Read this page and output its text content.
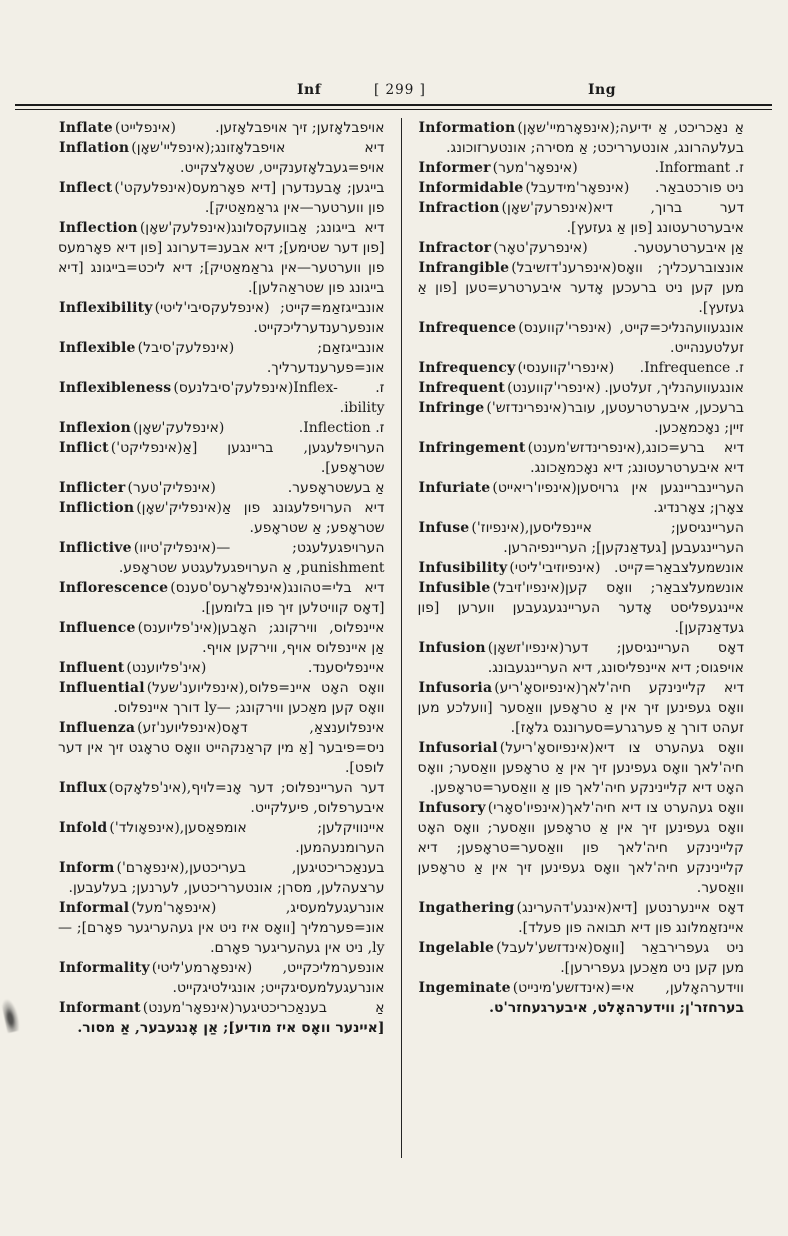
Inf	[ 299 ]	Ing

Inflate (אינפלייט)	אויפבלאָזען; זיך אויפבלאָזען.

Inflation (אינפליי'שאָן) דיא אויפבלאָזונג; אויפ=געבלאָזענקייט, שטאָלצקייט.

Inflect (אינפלעקט') בייגען; אָבענדערן [דיא פאָרמעס פון ווערטער—אין גראַמאַטיק].

Inflection (אינפלעק'שאָן) דיא בייגונג; אַבוועקסלונג [פון דער שטימע]; דיא אבענ=דערונג [פון דיא פאָרמעס פון ווערטער—אין גראַמאַטיק]; דיא ליכט=בייגונג [דיא בייגונג פון שטראַהלען].

Inflexibility (אינפלעקסיבי'ליטי) אונבייגזאַמ=קייט; אונפערענדערליכקייט.

Inflexible (אינפלעק'סיבל)	אונבייגזאַם; אונ=פערענדערליך.

Inflexibleness (אינפלעק'סיבלנעס) ז. Inflex-ibility.

Inflexion (אינפלעק'שאָן)	ז. Inflection.

Inflict (אינפליקט') הערויפלעגען, בריינגען [אַ שטראָפע].

Inflicter (אינפליק'טער)	אַ בעשטראָפער.

Infliction (אינפליק'שאָן) דיא הערויפלעגונג פון אַ שטראָפע; אַ שטראָפע.

Inflictive (אינפליק'טיוו) הערויפגעלעגט; —punishment, אַ הערויפגעלעגטע שטראָפע.

Inflorescence (אינפלאָרעס'סענס) דיא בלי=טהונג [דאָס קוויטלען זיך פון בלומען].

Influence (אינ'פליוענס) איינפלוס, ווירקונג; האָבען אַן איינפלוס אויף, ווירקען אויף.

Influent (אינ'פליוענט)	איינפליסענד.

Influential (אינפליוענ'שעל) וואָס האָט איינ=פלוס, וואָס קען מאַכען ווירקונג; —ly דורך איינפלוס.

Influenza (אינפליוענ'זע) אינפלוענצאַ, דאָס ניס=פיבער [אַ מין קראַנקהייט וואָס טראָגט זיך אין דער לופט].

Influx (אינ'פלאָקס) דער העריינפלוס; דער אָנ=לויף, איבערפלוס, פיעלקייט.

Infold (אינפאָולד') איינוויקלען; אומפאַסען, הערומנעהמען.

Inform (אינפאָרם') בענאַכריכטיגען, בעריכטען, ערצעהלען, מסרן; אונטערריכטען, לערנען; בעלעבען.

Informal (אינפאָר'מעל)	אונרעגעלמעסיג, אונ=פערמליך [וואָס איז ניט אין געהעריגער פאָרם]; —ly, ניט אין געהעריגער פאָרם.

Informality (אינפאָרמע'ליטי) אונפערמליכקייט, אונרעגעלמעסיגקייט; אונגילטיגקייט.

Informant (אינפאָר'מענט) אַ בענאַכריכטיגער [איינער וואָס איז מודיע]; אַן אָנגעבער, אַ מסור.

Information (אינפאָרמיי'שאָן) אַ נאַכריכט, אַ ידיעה; בעלעהרונג, אונטערריכט; אַ מסירה; אונטערזוכונג.

Informer (אינפאָר'מער)	ז. Informant.

Informidable (אינפאָר'מידעבל) ניט פורכטבאַר.

Infraction (אינפרעק'שאָן) דער ברוך, דיא איבערטרעטונג [פון אַ געזעץ].

Infractor (אינפרעק'טאָר)	אַן איבערטרעטער.

Infrangible (אינפרענ'דזשיבל) אונצוברעכליך; וואָס מען קען ניט ברעכען אָדער איבערטרע=טען [פון אַ געזעץ].

Infrequence (אינפרי'קווענס) אונגעוועהנליכ=קייט, זעלטענהייט.

Infrequency (אינפרי'קווענסי) ז. Infrequence.

Infrequent (אינפרי'קווענט) אונגעוועהנליך, זעלטען.

Infringe (אינפרינדזש') ברעכען, איבערטרעטען, עובר זיין; נאָכמאַכען.

Infringement (אינפרינדזש'מענט) דיא ברע=כונג, דיא איבערטרעטונג; דיא נאָכמאַכונג.

Infuriate (אינפיו'ריאייט) העריינבריינגען אין גרויסען צאָרן; צאָרנדיג.

Infuse (אינפיוז') העריינגיסען; איינפליסען, העריינגעבען [געדאַנקען]; העריינפיהרען.

Infusibility (אינפיוזיבי'ליטי) אונשמעלצבאַר=קייט.

Infusible (אינפיו'זיבל) אונשמעלצבאַר; וואָס קען איינגעפליסט אָדער העריינגעגעבען ווערען [פון געדאַנקען].

Infusion (אינפיו'זשאָן) דאָס העריינגיסען; דער אויפגוס; דיא איינפליסונג, דיא העריינגעבונג.

Infusoria (אינפיוסאָ'ריע) דיא קליינינקע חיה'לאך וואָס געפינען זיך אין אַ טראָפען וואַסער [וועלכע מען זעהט דורך אַ פערגרע=סערונגס גלאָז].

Infusorial (אינפיוסאָ'ריעל) וואָס געהערט צו דיא חיה'לאך וואָס געפינען זיך אין אַ טראָפען וואַסער; וואָס האָט דיא קליינינקע חיה'לאך פון אַ וואַסער=טראָפען.

Infusory (אינפיו'סאָרי) וואָס געהערט צו דיא חיה'לאך וואָס געפינען זיך אין אַ טראָפען וואַסער; וואָס האָט קליינינקע חיה'לאך פון וואַסער=טראָפען; דיא קליינינקע חיה'לאך וואָס געפינען זיך אין אַ טראָפען וואַסער.

Ingathering (אינגע'דהערינג) דאָס איינערנטען [דיא איינזאַמלונג פון דיא תבואה פון פעלד].

Ingelable (אינדזשע'לעבל) ניט געפרירבאַר [וואָס מען קען ניט מאַכען געפרירען].

Ingeminate (אינדזשע'מינייט) ווידערהאָלען, אי= בערחזר'ן; ווידערהאָלט, איבערגעחזר'ט.
